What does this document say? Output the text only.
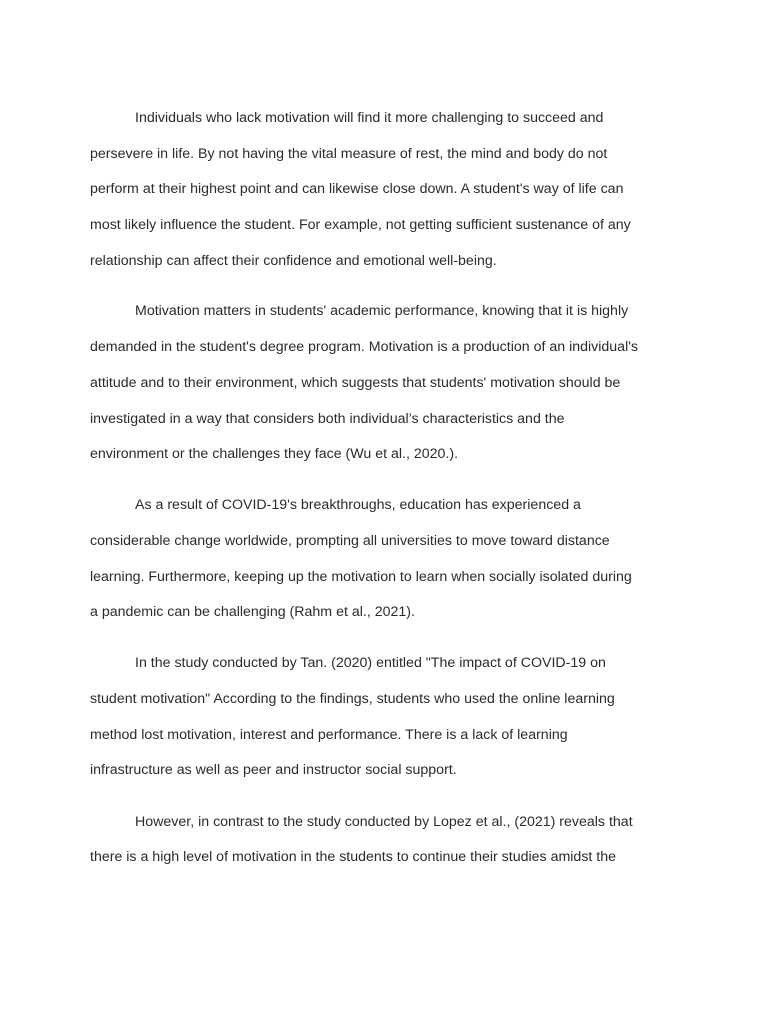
Individuals who lack motivation will find it more challenging to succeed and

persevere in life. By not having the vital measure of rest, the mind and body do not

perform at their highest point and can likewise close down. A student's way of life can

most likely influence the student. For example, not getting sufficient sustenance of any

relationship can affect their confidence and emotional well-being.

Motivation matters in students' academic performance, knowing that it is highly

demanded in the student's degree program. Motivation is a production of an individual's

attitude and to their environment, which suggests that students' motivation should be

investigated in a way that considers both individual’s characteristics and the

environment or the challenges they face (Wu et al., 2020.).

As a result of COVID-19's breakthroughs, education has experienced a

considerable change worldwide, prompting all universities to move toward distance

learning. Furthermore, keeping up the motivation to learn when socially isolated during

a pandemic can be challenging (Rahm et al., 2021).

In the study conducted by Tan. (2020) entitled "The impact of COVID-19 on

student motivation" According to the findings, students who used the online learning

method lost motivation, interest and performance. There is a lack of learning

infrastructure as well as peer and instructor social support.

However, in contrast to the study conducted by Lopez et al., (2021) reveals that

there is a high level of motivation in the students to continue their studies amidst the
